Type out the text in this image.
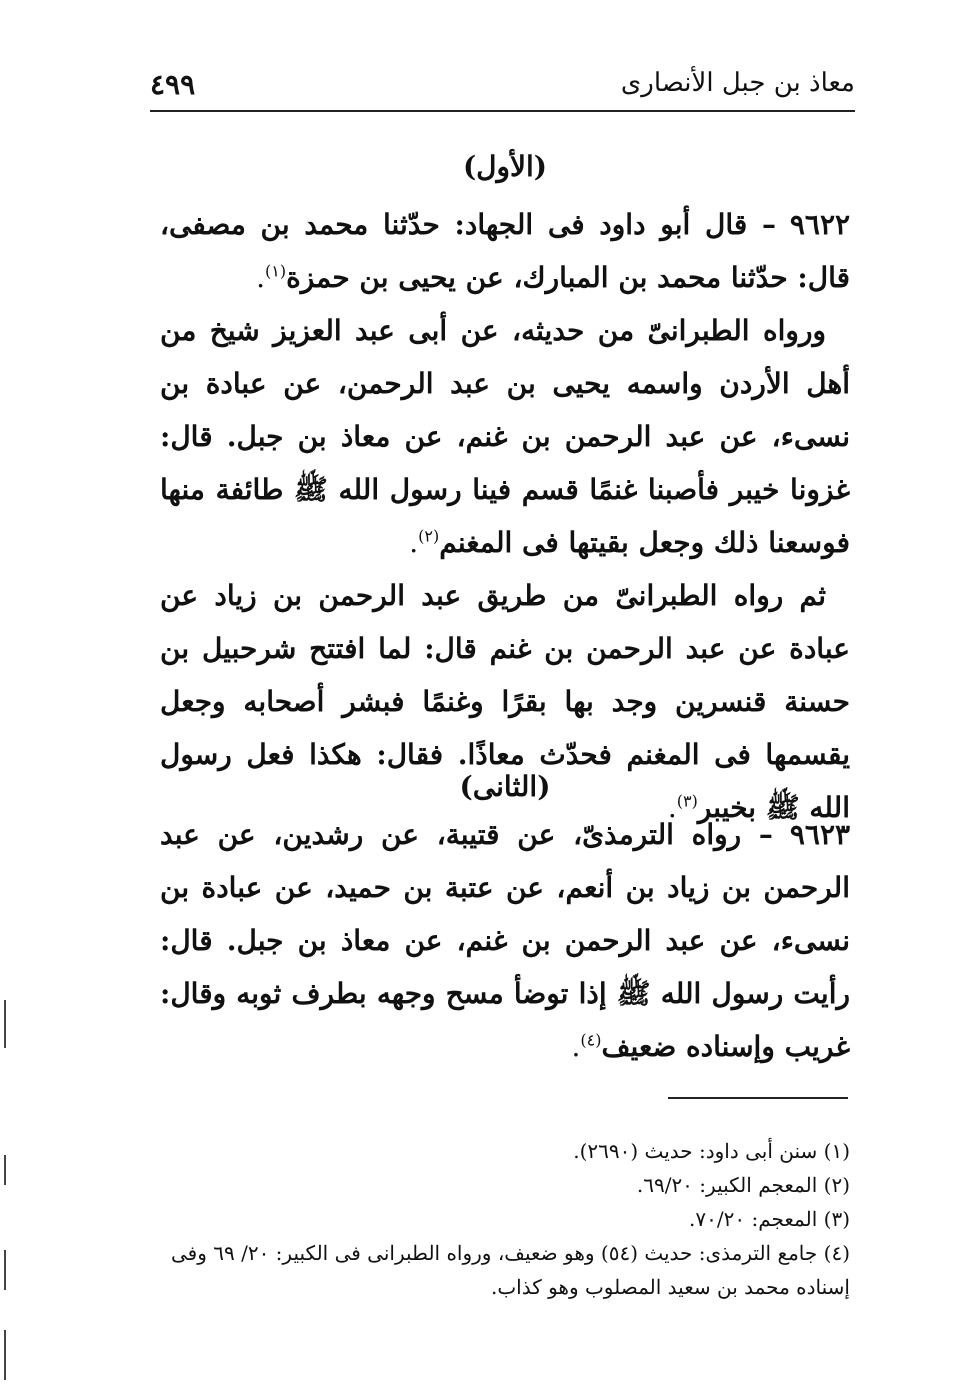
معاذ بن جبل الأنصارى
٤٩٩
(الأول)

٩٦٢٢ – قال أبو داود فى الجهاد: حدّثنا محمد بن مصفى، قال: حدّثنا محمد بن المبارك، عن يحيى بن حمزة$^{(١)}$.

ورواه الطبرانىّ من حديثه، عن أبى عبد العزيز شيخ من أهل الأردن واسمه يحيى بن عبد الرحمن، عن عبادة بن نسىء، عن عبد الرحمن بن غنم، عن معاذ بن جبل. قال: غزونا خيبر فأصبنا غنمًا قسم فينا رسول الله ﷺ طائفة منها فوسعنا ذلك وجعل بقيتها فى المغنم$^{(٢)}$.

ثم رواه الطبرانىّ من طريق عبد الرحمن بن زياد عن عبادة عن عبد الرحمن بن غنم قال: لما افتتح شرحبيل بن حسنة قنسرين وجد بها بقرًا وغنمًا فبشر أصحابه وجعل يقسمها فى المغنم فحدّث معاذًا. فقال: هكذا فعل رسول الله ﷺ بخيبر$^{(٣)}$.

(الثانى)

٩٦٢٣ – رواه الترمذىّ، عن قتيبة، عن رشدين، عن عبد الرحمن بن زياد بن أنعم، عن عتبة بن حميد، عن عبادة بن نسىء، عن عبد الرحمن بن غنم، عن معاذ بن جبل. قال: رأيت رسول الله ﷺ إذا توضأ مسح وجهه بطرف ثوبه وقال: غريب وإسناده ضعيف$^{(٤)}$.

(١) سنن أبى داود: حديث (٢٦٩٠).

(٢) المعجم الكبير: ٦٩/٢٠.

(٣) المعجم: ٧٠/٢٠.

(٤) جامع الترمذى: حديث (٥٤) وهو ضعيف، ورواه الطبرانى فى الكبير: ٢٠/ ٦٩ وفى إسناده محمد بن سعيد المصلوب وهو كذاب.
